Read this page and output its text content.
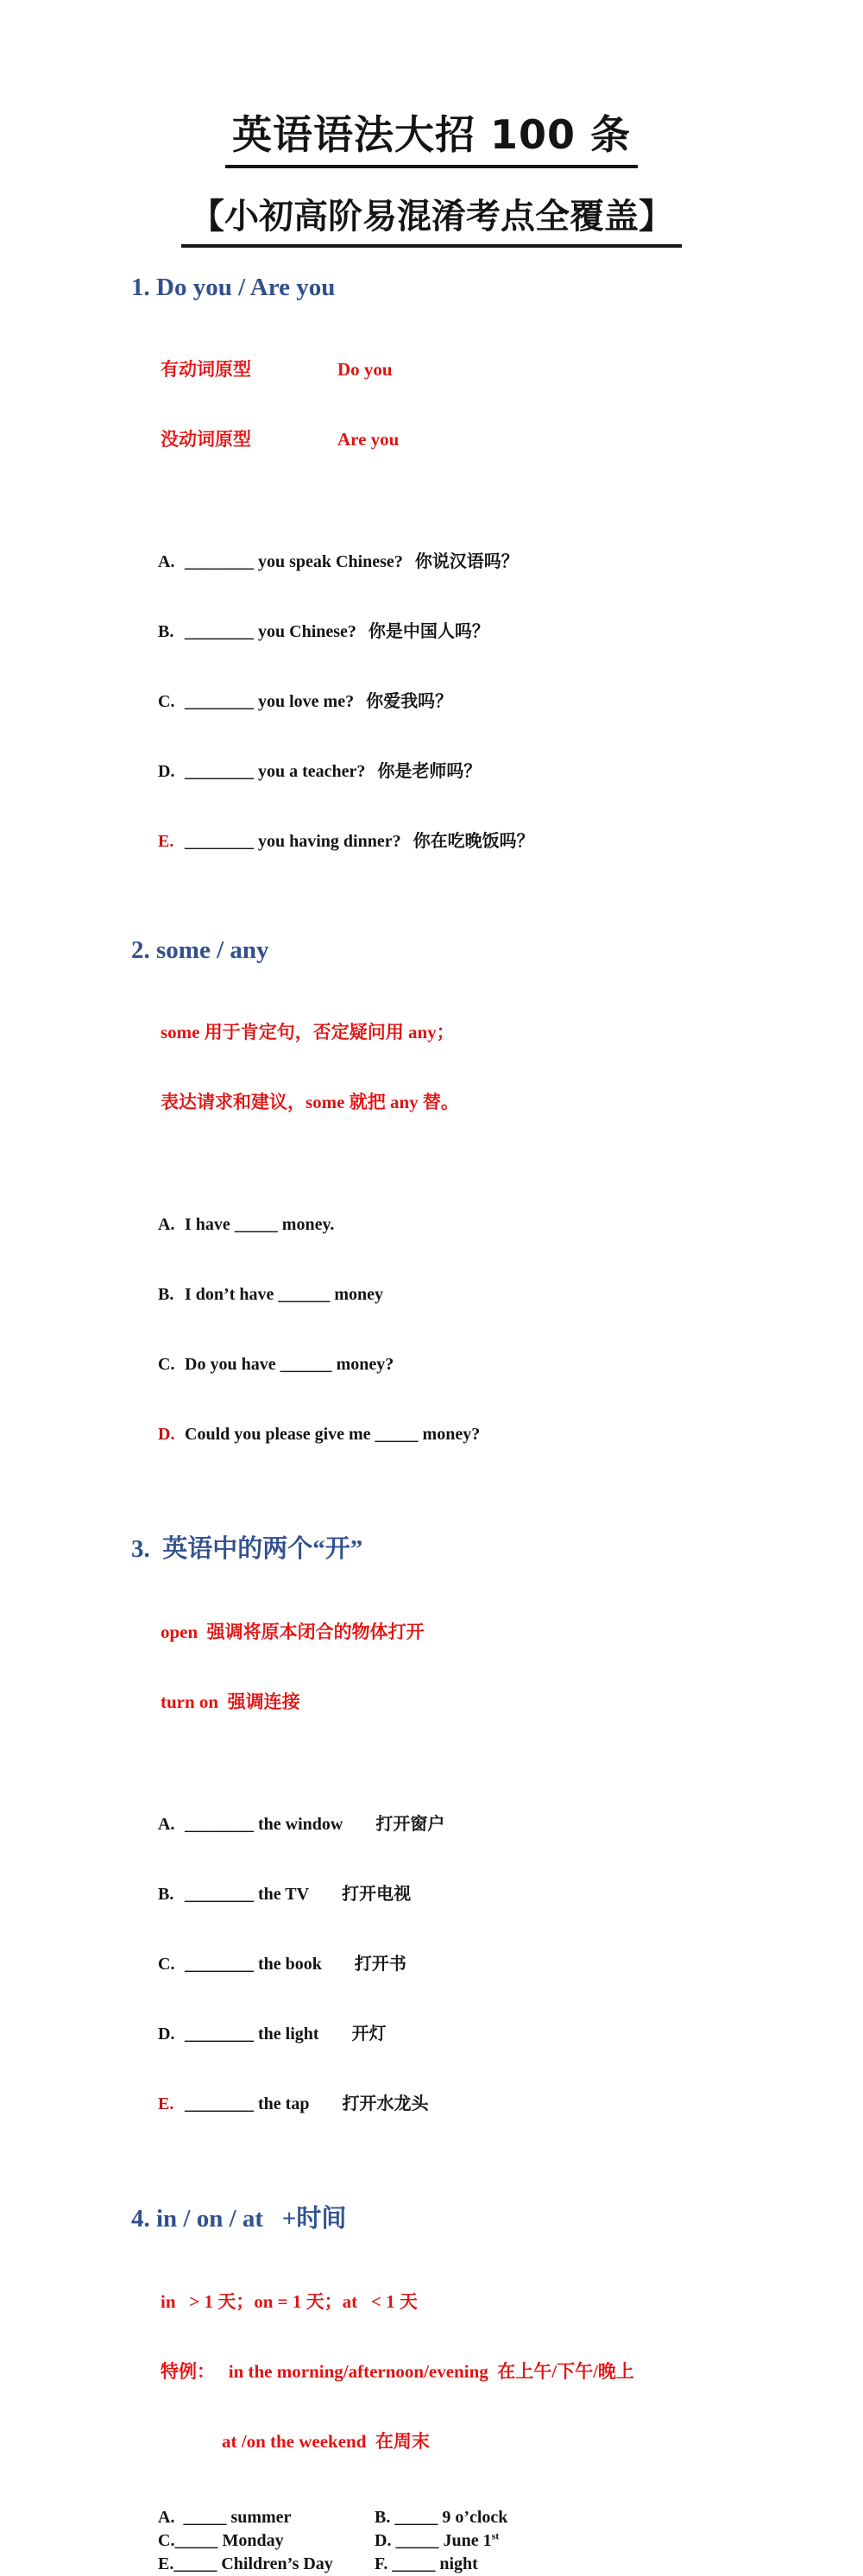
英语语法大招 100 条
【小初高阶易混淆考点全覆盖】
1. Do you / Are you

有动词原型	Do you

没动词原型	Are you

A. ________ you speak Chinese? 你说汉语吗？

B. ________ you Chinese? 你是中国人吗？

C. ________ you love me? 你爱我吗？

D. ________ you a teacher? 你是老师吗？

E. ________ you having dinner? 你在吃晚饭吗？

2. some / any

some 用于肯定句，否定疑问用 any；

表达请求和建议，some 就把 any 替。

A. I have _____ money.

B. I don’t have ______ money

C. Do you have ______ money?

D. Could you please give me _____ money?

3.  英语中的两个“开”

open  强调将原本闭合的物体打开

turn on  强调连接

A. ________ the window 打开窗户

B. ________ the TV 打开电视

C. ________ the book 打开书

D. ________ the light 开灯

E. ________ the tap 打开水龙头

4. in / on / at   +时间

in   > 1 天；on = 1 天；at   < 1 天

特例：   in the morning/afternoon/evening  在上午/下午/晚上

at /on the weekend  在周末

A.  _____ summer	B. _____ 9 o’clock
C._____ Monday	D. _____ June 1st
E._____ Children’s Day	F. _____ night
